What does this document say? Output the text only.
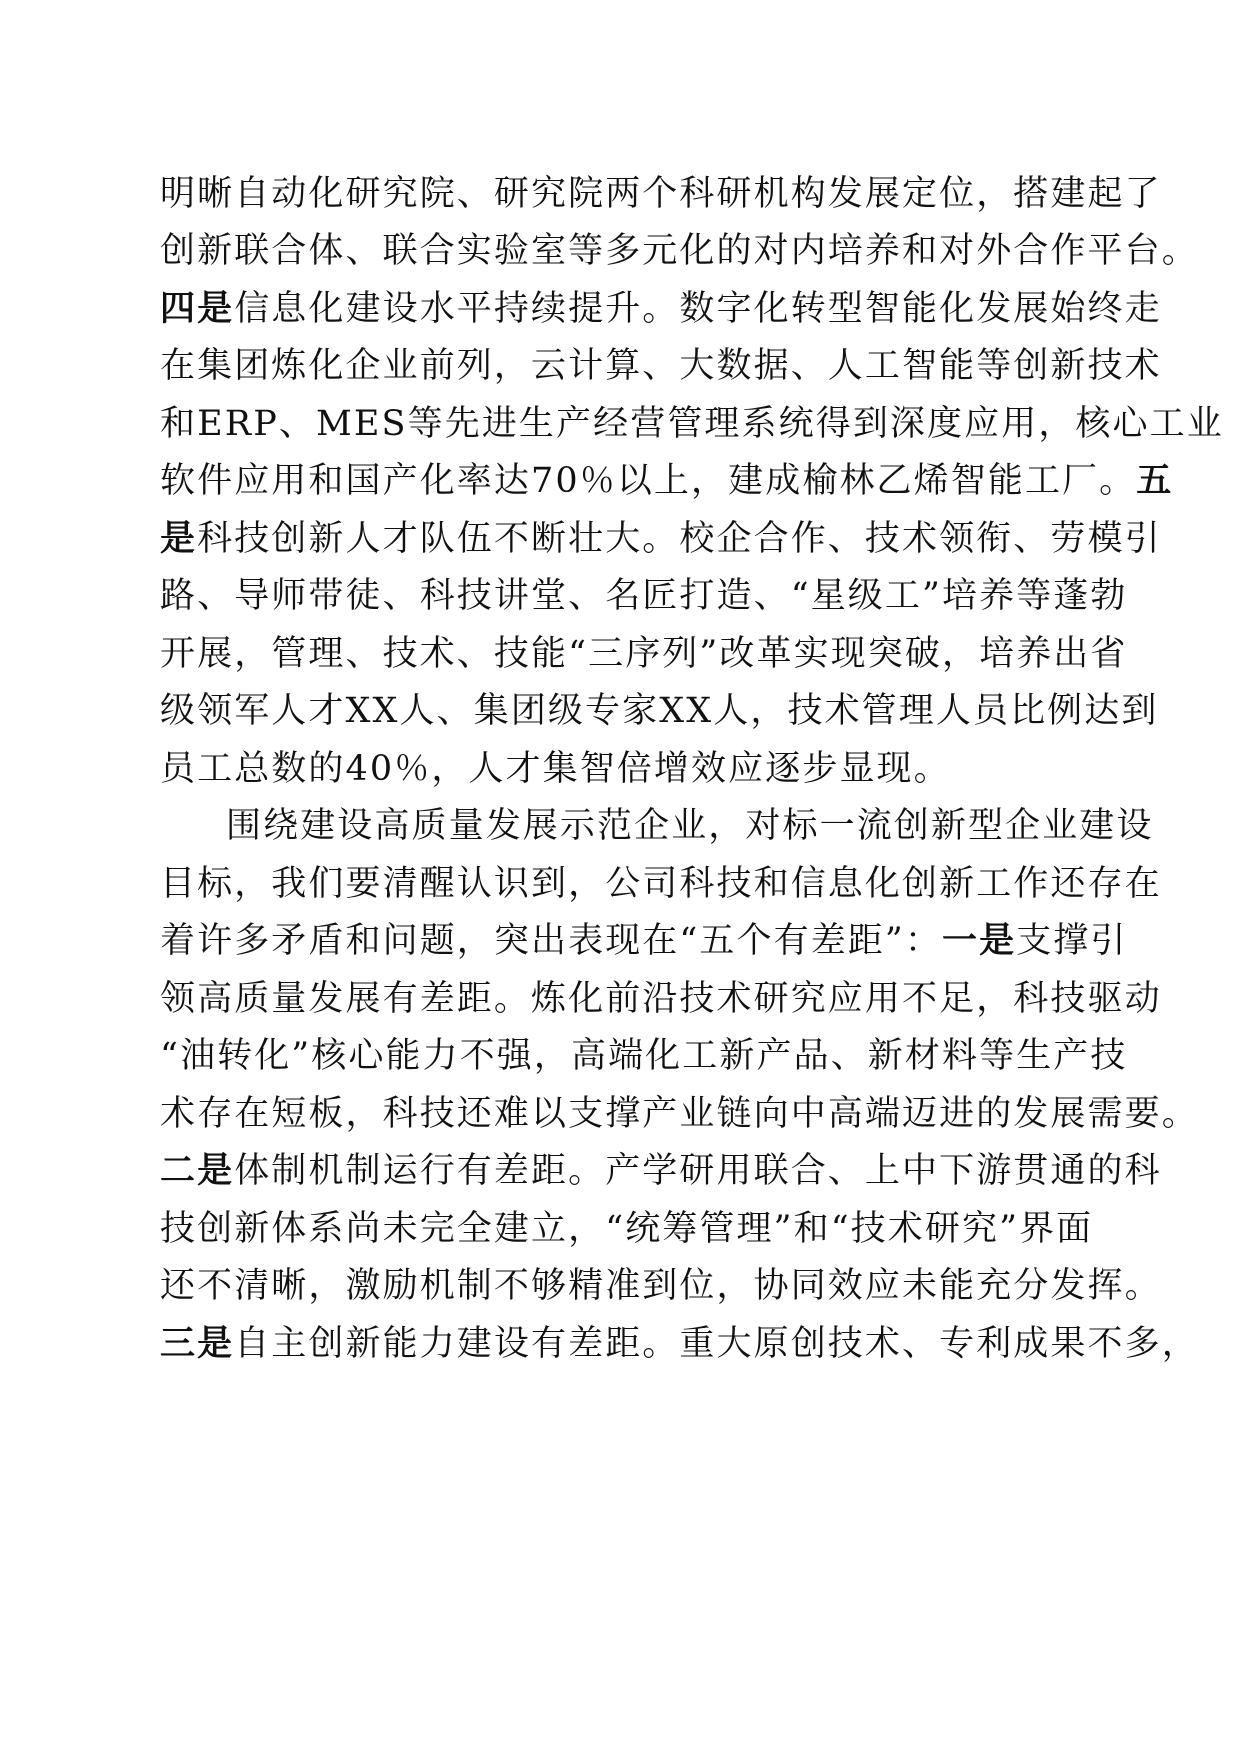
明晰自动化研究院、研究院两个科研机构发展定位，搭建起了
创新联合体、联合实验室等多元化的对内培养和对外合作平台。
四是信息化建设水平持续提升。数字化转型智能化发展始终走
在集团炼化企业前列，云计算、大数据、人工智能等创新技术
和ERP、MES等先进生产经营管理系统得到深度应用，核心工业
软件应用和国产化率达70％以上，建成榆林乙烯智能工厂。五
是科技创新人才队伍不断壮大。校企合作、技术领衔、劳模引
路、导师带徒、科技讲堂、名匠打造、“星级工”培养等蓬勃
开展，管理、技术、技能“三序列”改革实现突破，培养出省
级领军人才XX人、集团级专家XX人，技术管理人员比例达到
员工总数的40％，人才集智倍增效应逐步显现。
围绕建设高质量发展示范企业，对标一流创新型企业建设
目标，我们要清醒认识到，公司科技和信息化创新工作还存在
着许多矛盾和问题，突出表现在“五个有差距”：一是支撑引
领高质量发展有差距。炼化前沿技术研究应用不足，科技驱动
“油转化”核心能力不强，高端化工新产品、新材料等生产技
术存在短板，科技还难以支撑产业链向中高端迈进的发展需要。
二是体制机制运行有差距。产学研用联合、上中下游贯通的科
技创新体系尚未完全建立，“统筹管理”和“技术研究”界面
还不清晰，激励机制不够精准到位，协同效应未能充分发挥。
三是自主创新能力建设有差距。重大原创技术、专利成果不多，
